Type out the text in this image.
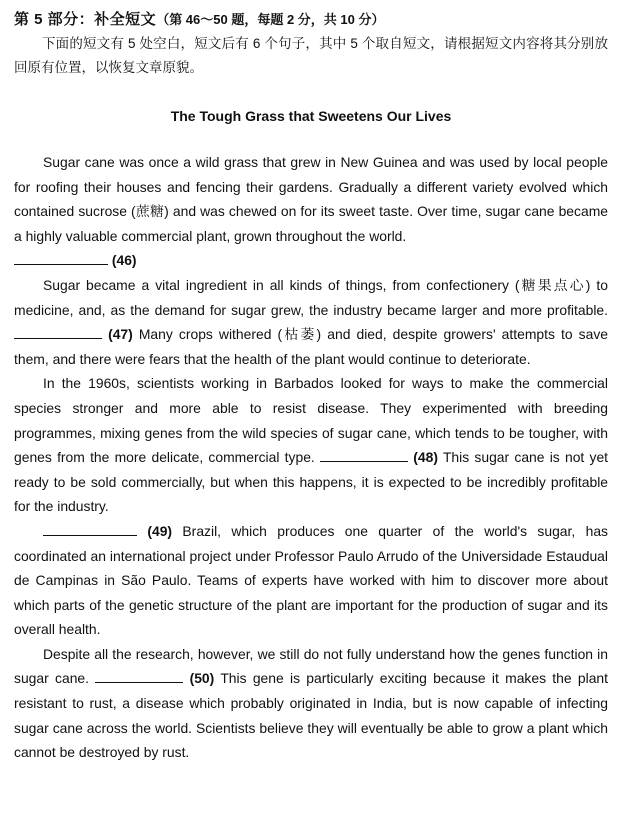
第 5 部分：补全短文（第 46～50 题，每题 2 分，共 10 分）

下面的短文有 5 处空白，短文后有 6 个句子，其中 5 个取自短文，请根据短文内容将其分别放回原有位置，以恢复文章原貌。

The Tough Grass that Sweetens Our Lives

Sugar cane was once a wild grass that grew in New Guinea and was used by local people for roofing their houses and fencing their gardens. Gradually a different variety evolved which contained sucrose (蔗糖) and was chewed on for its sweet taste. Over time, sugar cane became a highly valuable commercial plant, grown throughout the world.

(46)

Sugar became a vital ingredient in all kinds of things, from confectionery (糖果点心) to medicine, and, as the demand for sugar grew, the industry became larger and more profitable.  (47) Many crops withered (枯萎) and died, despite growers' attempts to save them, and there were fears that the health of the plant would continue to deteriorate.

In the 1960s, scientists working in Barbados looked for ways to make the commercial species stronger and more able to resist disease. They experimented with breeding programmes, mixing genes from the wild species of sugar cane, which tends to be tougher, with genes from the more delicate, commercial type.	(48) This sugar cane is not yet ready to be sold commercially, but when this happens, it is expected to be incredibly profitable for the industry.

(49) Brazil, which produces one quarter of the world's sugar, has coordinated an international project under Professor Paulo Arrudo of the Universidade Estaudual de Campinas in São Paulo. Teams of experts have worked with him to discover more about which parts of the genetic structure of the plant are important for the production of sugar and its overall health.

Despite all the research, however, we still do not fully understand how the genes function in sugar cane.	(50) This gene is particularly exciting because it makes the plant resistant to rust, a disease which probably originated in India, but is now capable of infecting sugar cane across the world. Scientists believe they will eventually be able to grow a plant which cannot be destroyed by rust.
